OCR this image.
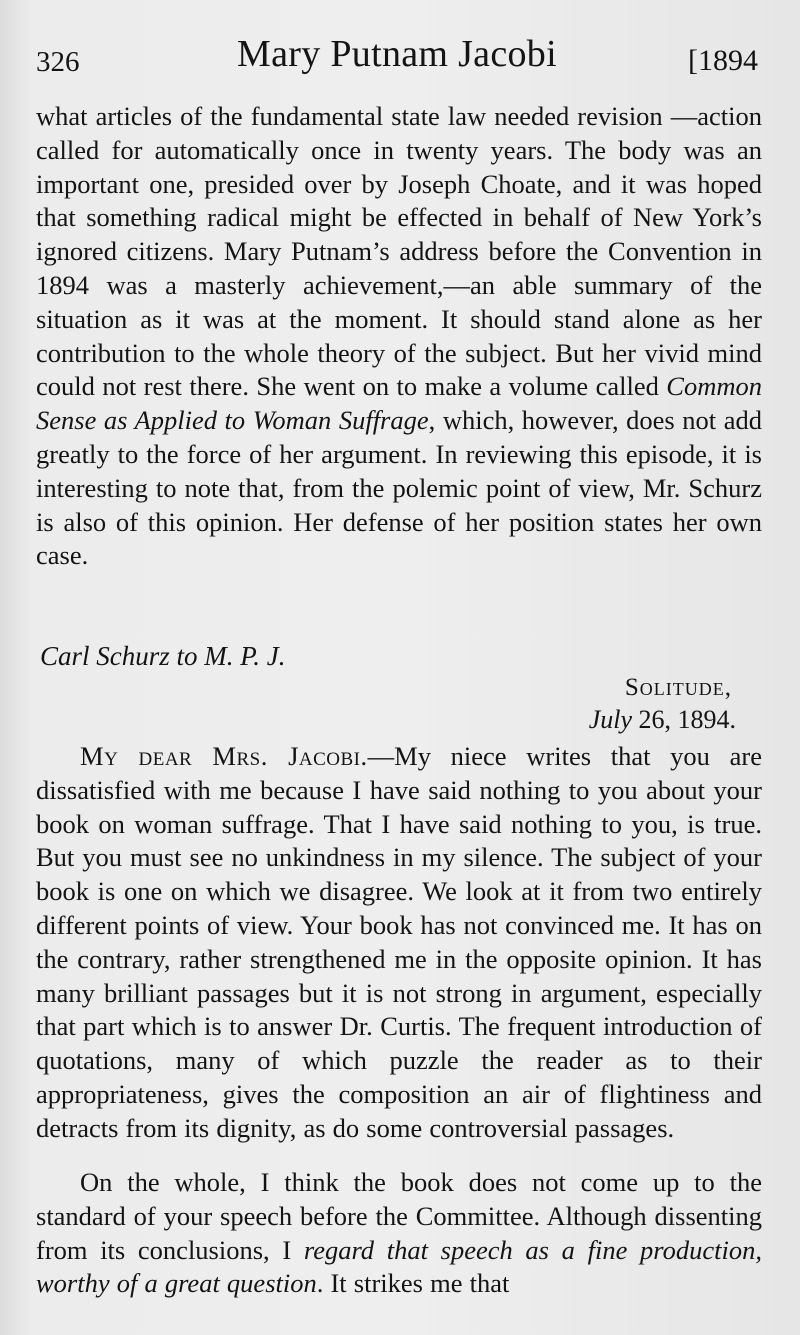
326	Mary Putnam Jacobi	[1894
what articles of the fundamental state law needed revision —action called for automatically once in twenty years. The body was an important one, presided over by Joseph Choate, and it was hoped that something radical might be effected in behalf of New York’s ignored citizens. Mary Putnam’s address before the Convention in 1894 was a masterly achievement,—an able summary of the situation as it was at the moment. It should stand alone as her contribution to the whole theory of the subject. But her vivid mind could not rest there. She went on to make a volume called Common Sense as Applied to Woman Suffrage, which, however, does not add greatly to the force of her argument. In reviewing this episode, it is interesting to note that, from the polemic point of view, Mr. Schurz is also of this opinion. Her defense of her position states her own case.
Carl Schurz to M. P. J.
Solitude,
July 26, 1894.
My dear Mrs. Jacobi.—My niece writes that you are dissatisfied with me because I have said nothing to you about your book on woman suffrage. That I have said nothing to you, is true. But you must see no unkindness in my silence. The subject of your book is one on which we disagree. We look at it from two entirely different points of view. Your book has not convinced me. It has on the contrary, rather strengthened me in the opposite opinion. It has many brilliant passages but it is not strong in argument, especially that part which is to answer Dr. Curtis. The frequent introduction of quotations, many of which puzzle the reader as to their appropriateness, gives the composition an air of flightiness and detracts from its dignity, as do some controversial passages.
On the whole, I think the book does not come up to the standard of your speech before the Committee. Although dissenting from its conclusions, I regard that speech as a fine production, worthy of a great question. It strikes me that
